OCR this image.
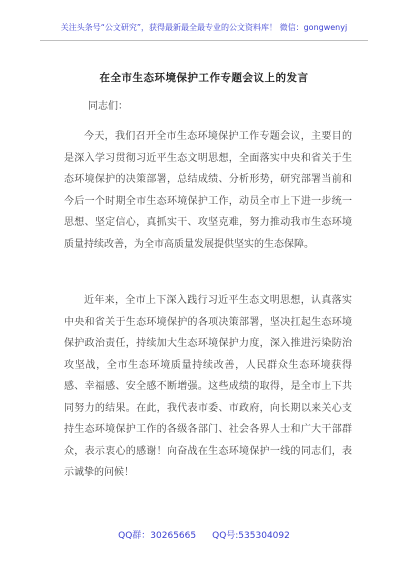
关注头条号“公文研究”，获得最新最全最专业的公文资料库！ 微信：gongwenyj
在全市生态环境保护工作专题会议上的发言
同志们：

今天，我们召开全市生态环境保护工作专题会议，主要目的是深入学习贯彻习近平生态文明思想，全面落实中央和省关于生态环境保护的决策部署，总结成绩、分析形势，研究部署当前和今后一个时期全市生态环境保护工作，动员全市上下进一步统一思想、坚定信心，真抓实干、攻坚克难，努力推动我市生态环境质量持续改善，为全市高质量发展提供坚实的生态保障。

近年来，全市上下深入践行习近平生态文明思想，认真落实中央和省关于生态环境保护的各项决策部署，坚决扛起生态环境保护政治责任，持续加大生态环境保护力度，深入推进污染防治攻坚战，全市生态环境质量持续改善，人民群众生态环境获得感、幸福感、安全感不断增强。这些成绩的取得，是全市上下共同努力的结果。在此，我代表市委、市政府，向长期以来关心支持生态环境保护工作的各级各部门、社会各界人士和广大干部群众，表示衷心的感谢！向奋战在生态环境保护一线的同志们，表示诚挚的问候！

QQ群：30265665 QQ号:535304092
